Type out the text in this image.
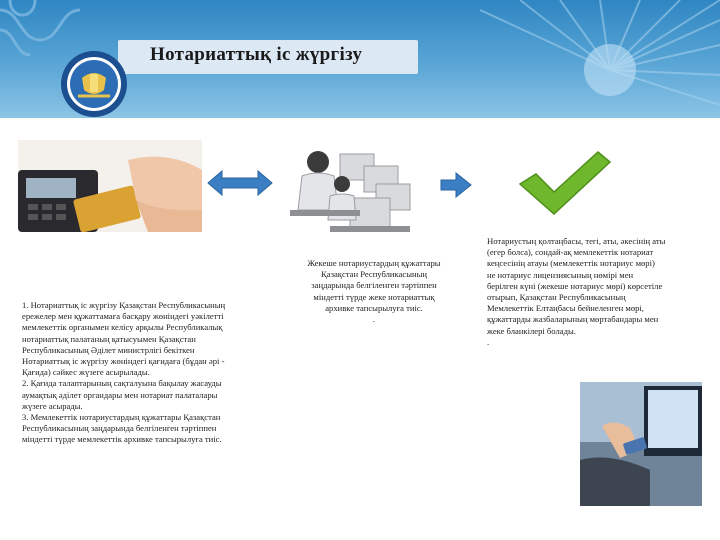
Нотариаттық іс жүргізу

1. Нотариаттық іс жүргізу Қазақстан Республикасының

ережелер мен құжаттамаға басқару жөніндегі уәкілетті

мемлекеттік органымен келісу арқылы Республикалық

нотариаттық палатаның қатысуымен Қазақстан

Республикасының Әділет министрлігі бекіткен

Нотариаттық іс жүргізу жөніндегі қағидаға (бұдан әрі -

Қағида) сәйкес жүзеге асырылады.

2. Қағида талаптарының сақталуына бақылау жасауды

аумақтық әділет органдары мен нотариат палаталары

жүзеге асырады.

3. Мемлекеттік нотариустардың құжаттары Қазақстан

Республикасының заңдарында белгіленген тәртіппен

міндетті түрде мемлекеттік архивке тапсырылуға тиіс.

Жекеше нотариустардың құжаттары

Қазақстан Республикасының

заңдарында белгіленген тәртіппен

міндетті түрде жеке нотариаттық

архивке тапсырылуға тиіс.

.

Нотариустың қолтаңбасы, тегі, аты, әкесінің аты

(егер болса), сондай-ақ мемлекеттік нотариат

кеңсесінің атауы (мемлекеттік нотариус мөрі)

не нотариус лицензиясының нөмірі мен

берілген күні (жекеше нотариус мөрі) көрсетіле

отырып, Қазақстан Республикасының

Мемлекеттік Елтаңбасы бейнеленген мөрі,

құжаттарды жазбаларының мөртабандары мен

жеке бланкілері болады.

.
